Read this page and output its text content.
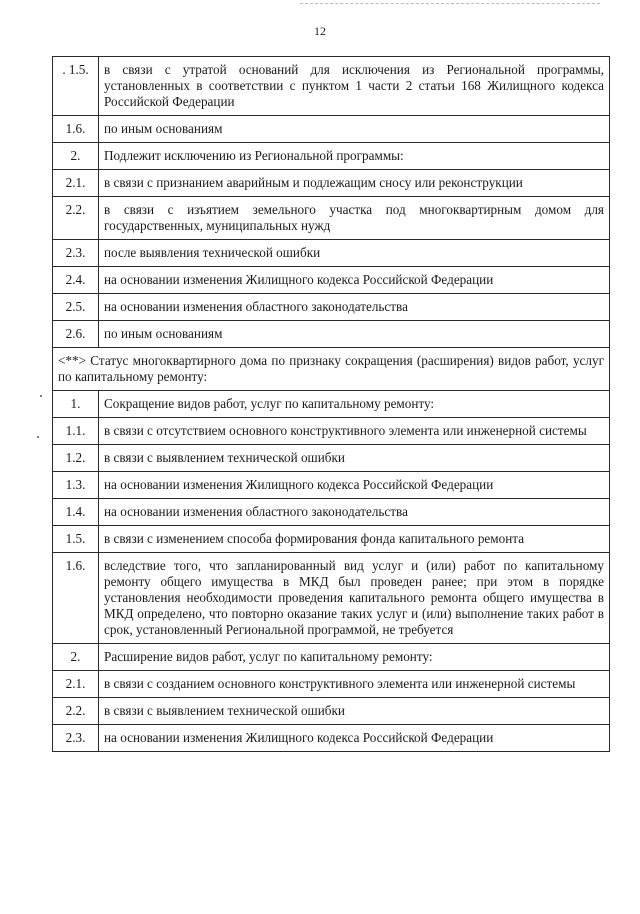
12
. 1.5.	в связи с утратой оснований для исключения из Региональной программы, установленных в соответствии с пунктом 1 части 2 статьи 168 Жилищного кодекса Российской Федерации
1.6.	по иным основаниям
2.	Подлежит исключению из Региональной программы:
2.1.	в связи с признанием аварийным и подлежащим сносу или реконструкции
2.2.	в связи с изъятием земельного участка под многоквартирным домом для государственных, муниципальных нужд
2.3.	после выявления технической ошибки
2.4.	на основании изменения Жилищного кодекса Российской Федерации
2.5.	на основании изменения областного законодательства
2.6.	по иным основаниям
<**> Статус многоквартирного дома по признаку сокращения (расширения) видов работ, услуг по капитальному ремонту:	
1.	Сокращение видов работ, услуг по капитальному ремонту:
1.1.	в связи с отсутствием основного конструктивного элемента или инженерной системы
1.2.	в связи с выявлением технической ошибки
1.3.	на основании изменения Жилищного кодекса Российской Федерации
1.4.	на основании изменения областного законодательства
1.5.	в связи с изменением способа формирования фонда капитального ремонта
1.6.	вследствие того, что запланированный вид услуг и (или) работ по капитальному ремонту общего имущества в МКД был проведен ранее; при этом в порядке установления необходимости проведения капитального ремонта общего имущества в МКД определено, что повторно оказание таких услуг и (или) выполнение таких работ в срок, установленный Региональной программой, не требуется
2.	Расширение видов работ, услуг по капитальному ремонту:
2.1.	в связи с созданием основного конструктивного элемента или инженерной системы
2.2.	в связи с выявлением технической ошибки
2.3.	на основании изменения Жилищного кодекса Российской Федерации
